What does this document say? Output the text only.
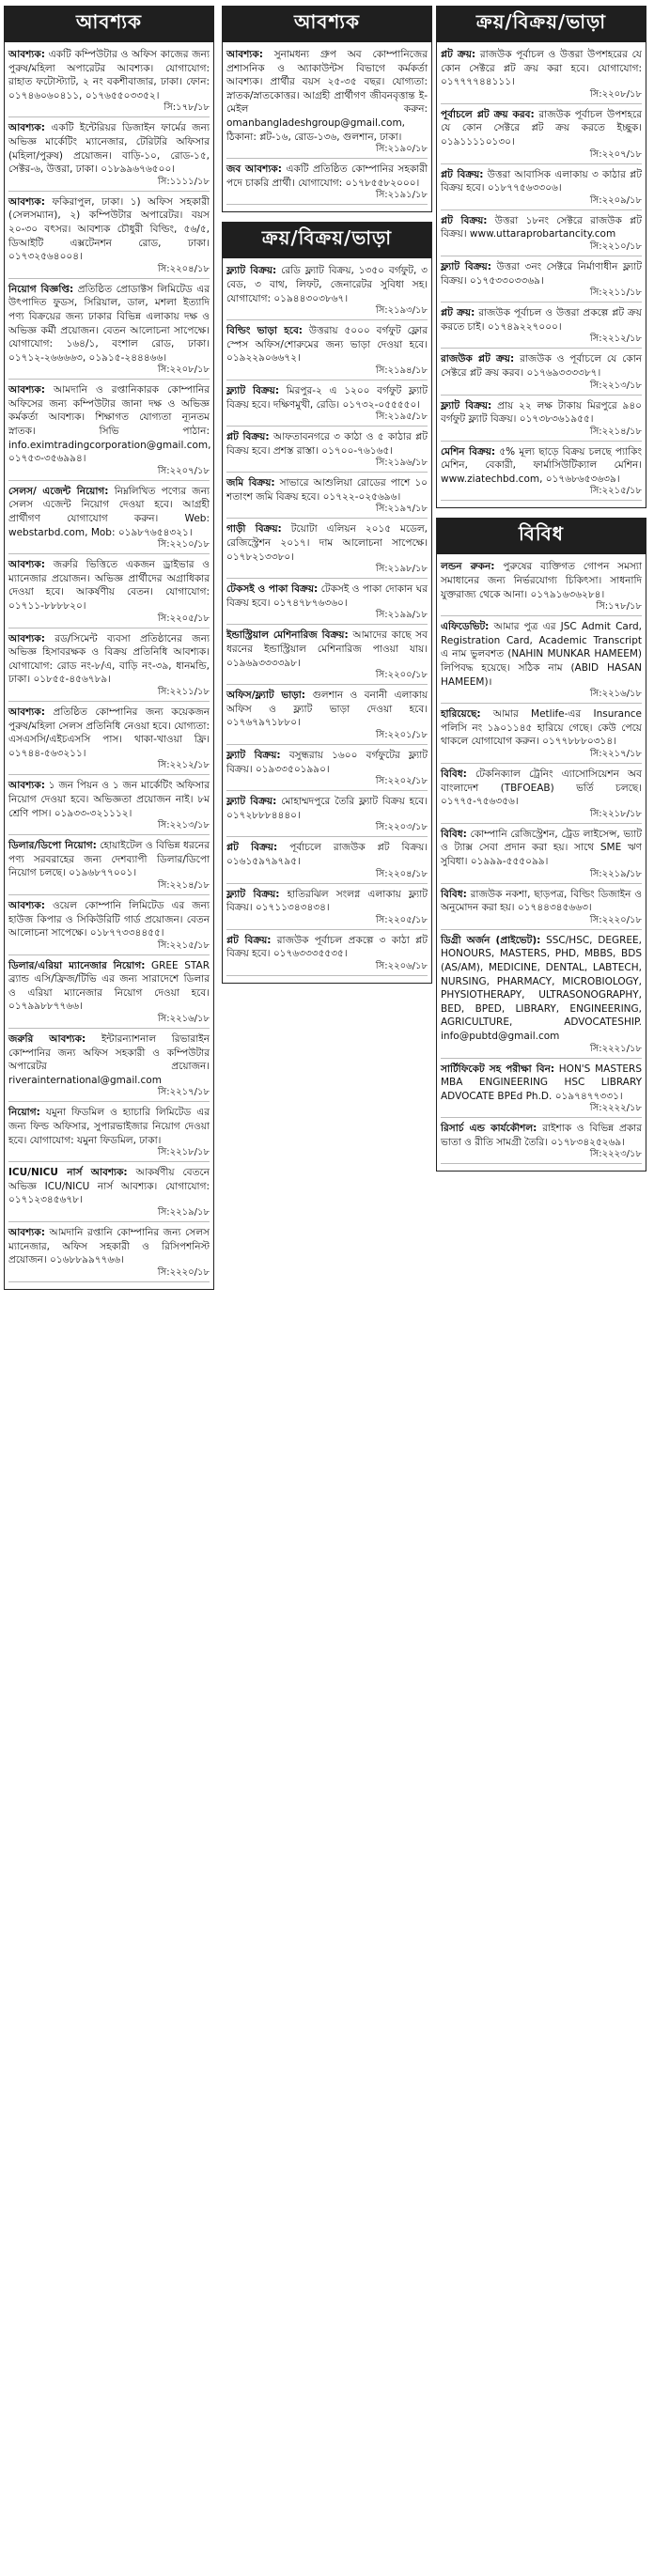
আবশ্যক
আবশ্যক: একটি কম্পিউটার ও অফিস কাজের জন্য পুরুষ/মহিলা অপারেটর আবশ্যক। যোগাযোগ: রাহাত ফটোস্ট্যাট, ২ নং বকশীবাজার, ঢাকা। ফোন: ০১৭৪৬০৬০৪১১, ০১৭৬৫৫০৩৩৫২।
সি:১৭৮/১৮
আবশ্যক: একটি ইন্টেরিয়র ডিজাইন ফার্মের জন্য অভিজ্ঞ মার্কেটিং ম্যানেজার, টেরিটরি অফিসার (মহিলা/পুরুষ) প্রয়োজন। বাড়ি-১০, রোড-১৫, সেক্টর-৬, উত্তরা, ঢাকা। ০১৮৯৯৬৭৬৫০০।
সি:১১১১/১৮
আবশ্যক: ফকিরাপুল, ঢাকা। ১) অফিস সহকারী (সেলসম্যান), ২) কম্পিউটার অপারেটর। বয়স ২০-৩০ বৎসর। আবশ্যক চৌধুরী বিল্ডিং, ৫৬/৫, ডিআইটি এক্সটেনশন রোড, ঢাকা। ০১৭৩২৫৬৪০০৪।
সি:২২০৪/১৮
নিয়োগ বিজ্ঞপ্তি: প্রতিষ্ঠিত প্রোডাক্টস লিমিটেড এর উৎপাদিত ফুডস, সিরিয়াল, ডাল, মশলা ইত্যাদি পণ্য বিক্রয়ের জন্য ঢাকার বিভিন্ন এলাকায় দক্ষ ও অভিজ্ঞ কর্মী প্রয়োজন। বেতন আলোচনা সাপেক্ষে। যোগাযোগ: ১৬৪/১, বংশাল রোড, ঢাকা। ০১৭১২-২৬৬৬৬৩, ০১৯১৫-২৪৪৪৬৬।
সি:২২০৮/১৮
আবশ্যক: আমদানি ও রপ্তানিকারক কোম্পানির অফিসের জন্য কম্পিউটার জানা দক্ষ ও অভিজ্ঞ কর্মকর্তা আবশ্যক। শিক্ষাগত যোগ্যতা ন্যূনতম স্নাতক। সিভি পাঠান: info.eximtradingcorporation@gmail.com, ০১৭৫৩-৩৫৬৯৯৪।
সি:২২০৭/১৮
সেলস/ এজেন্ট নিয়োগ: নিম্নলিখিত পণ্যের জন্য সেলস এজেন্ট নিয়োগ দেওয়া হবে। আগ্রহী প্রার্থীগণ যোগাযোগ করুন। Web: webstarbd.com, Mob: ০১৯৮৭৬৫৪৩২১।
সি:২২১০/১৮
আবশ্যক: জরুরি ভিত্তিতে একজন ড্রাইভার ও ম্যানেজার প্রয়োজন। অভিজ্ঞ প্রার্থীদের অগ্রাধিকার দেওয়া হবে। আকর্ষণীয় বেতন। যোগাযোগ: ০১৭১১-৮৮৮৮২০।
সি:২২০৫/১৮
আবশ্যক: রড/সিমেন্ট ব্যবসা প্রতিষ্ঠানের জন্য অভিজ্ঞ হিসাবরক্ষক ও বিক্রয় প্রতিনিধি আবশ্যক। যোগাযোগ: রোড নং-৮/এ, বাড়ি নং-৩৯, ধানমন্ডি, ঢাকা। ০১৮৫৫-৪৫৬৭৮৯।
সি:২২১১/১৮
আবশ্যক: প্রতিষ্ঠিত কোম্পানির জন্য কয়েকজন পুরুষ/মহিলা সেলস প্রতিনিধি নেওয়া হবে। যোগ্যতা: এসএসসি/এইচএসসি পাস। থাকা-খাওয়া ফ্রি। ০১৭৪৪-৫৬৩২১১।
সি:২২১২/১৮
আবশ্যক: ১ জন পিয়ন ও ১ জন মার্কেটিং অফিসার নিয়োগ দেওয়া হবে। অভিজ্ঞতা প্রয়োজন নাই। ৮ম শ্রেণি পাস। ০১৯৩৩-৩২১১১২।
সি:২২১৩/১৮
ডিলার/ডিপো নিয়োগ: হোয়াইটেল ও বিভিন্ন ধরনের পণ্য সরবরাহের জন্য দেশব্যাপী ডিলার/ডিপো নিয়োগ চলছে। ০১৯৬৮৭৭০০১।
সি:২২১৪/১৮
আবশ্যক: ওয়েল কোম্পানি লিমিটেড এর জন্য হাউজ কিপার ও সিকিউরিটি গার্ড প্রয়োজন। বেতন আলোচনা সাপেক্ষে। ০১৮৭৭৩৩৪৪৫৫।
সি:২২১৫/১৮
ডিলার/এরিয়া ম্যানেজার নিয়োগ: GREE STAR ব্র্যান্ড এসি/ফ্রিজ/টিভি এর জন্য সারাদেশে ডিলার ও এরিয়া ম্যানেজার নিয়োগ দেওয়া হবে। ০১৭৯৯৮৮৭৭৬৬।
সি:২২১৬/১৮
জরুরি আবশ্যক: ইন্টারন্যাশনাল রিভারাইন কোম্পানির জন্য অফিস সহকারী ও কম্পিউটার অপারেটর প্রয়োজন। riverainternational@gmail.com
সি:২২১৭/১৮
নিয়োগ: যমুনা ফিডমিল ও হ্যাচারি লিমিটেড এর জন্য ফিল্ড অফিসার, সুপারভাইজার নিয়োগ দেওয়া হবে। যোগাযোগ: যমুনা ফিডমিল, ঢাকা।
সি:২২১৮/১৮
ICU/NICU নার্স আবশ্যক: আকর্ষণীয় বেতনে অভিজ্ঞ ICU/NICU নার্স আবশ্যক। যোগাযোগ: ০১৭১২৩৪৫৬৭৮।
সি:২২১৯/১৮
আবশ্যক: আমদানি রপ্তানি কোম্পানির জন্য সেলস ম্যানেজার, অফিস সহকারী ও রিসিপশনিস্ট প্রয়োজন। ০১৬৮৮৯৯৭৭৬৬।
সি:২২২০/১৮
আবশ্যক
আবশ্যক: সুনামধন্য গ্রুপ অব কোম্পানিজের প্রশাসনিক ও অ্যাকাউন্টস বিভাগে কর্মকর্তা আবশ্যক। প্রার্থীর বয়স ২৫-৩৫ বছর। যোগ্যতা: স্নাতক/স্নাতকোত্তর। আগ্রহী প্রার্থীগণ জীবনবৃত্তান্ত ই-মেইল করুন: omanbangladeshgroup@gmail.com, ঠিকানা: প্লট-১৬, রোড-১৩৬, গুলশান, ঢাকা।
সি:২১৯০/১৮
জব আবশ্যক: একটি প্রতিষ্ঠিত কোম্পানির সহকারী পদে চাকরি প্রার্থী। যোগাযোগ: ০১৭৮৫৫৮২০০০।
সি:২১৯১/১৮
ক্রয়/বিক্রয়/ভাড়া
ফ্ল্যাট বিক্রয়: রেডি ফ্ল্যাট বিক্রয়, ১৩৫০ বর্গফুট, ৩ বেড, ৩ বাথ, লিফট, জেনারেটর সুবিধা সহ। যোগাযোগ: ০১৯৪৪৩০৩৮৬৭।
সি:২১৯৩/১৮
বিল্ডিং ভাড়া হবে: উত্তরায় ৫০০০ বর্গফুট ফ্লোর স্পেস অফিস/শোরুমের জন্য ভাড়া দেওয়া হবে। ০১৯২২৯০৬৬৭২।
সি:২১৯৪/১৮
ফ্ল্যাট বিক্রয়: মিরপুর-২ এ ১২০০ বর্গফুট ফ্ল্যাট বিক্রয় হবে। দক্ষিণমুখী, রেডি। ০১৭৩২-০৫৫৫৫০।
সি:২১৯৫/১৮
প্লট বিক্রয়: আফতাবনগরে ৩ কাঠা ও ৫ কাঠার প্লট বিক্রয় হবে। প্রশস্ত রাস্তা। ০১৭০০-৭৬১৬৫।
সি:২১৯৬/১৮
জমি বিক্রয়: সাভারে আশুলিয়া রোডের পাশে ১০ শতাংশ জমি বিক্রয় হবে। ০১৭২২-০২৫৬৯৬।
সি:২১৯৭/১৮
গাড়ী বিক্রয়: টয়োটা এলিয়ন ২০১৫ মডেল, রেজিস্ট্রেশন ২০১৭। দাম আলোচনা সাপেক্ষে। ০১৭৮২১৩৩৮০।
সি:২১৯৮/১৮
টেকসই ও পাকা বিক্রয়: টেকসই ও পাকা দোকান ঘর বিক্রয় হবে। ০১৭৪৭৮৭৬৩৬০।
সি:২১৯৯/১৮
ইন্ডাস্ট্রিয়াল মেশিনারিজ বিক্রয়: আমাদের কাছে সব ধরনের ইন্ডাস্ট্রিয়াল মেশিনারিজ পাওয়া যায়। ০১৯৬৯৩৩৩৩৯৮।
সি:২২০০/১৮
অফিস/ফ্ল্যাট ভাড়া: গুলশান ও বনানী এলাকায় অফিস ও ফ্ল্যাট ভাড়া দেওয়া হবে। ০১৭৬৭৯৭১৮৮০।
সি:২২০১/১৮
ফ্ল্যাট বিক্রয়: বসুন্ধরায় ১৬০০ বর্গফুটের ফ্ল্যাট বিক্রয়। ০১৯৩৩৫০১৯৯০।
সি:২২০২/১৮
ফ্ল্যাট বিক্রয়: মোহাম্মদপুরে তৈরি ফ্ল্যাট বিক্রয় হবে। ০১৭২৮৮৮৪৪৪০।
সি:২২০৩/১৮
প্লট বিক্রয়: পূর্বাচলে রাজউক প্লট বিক্রয়। ০১৬১৫৯৭৯৭৯৫।
সি:২২০৪/১৮
ফ্ল্যাট বিক্রয়: হাতিরঝিল সংলগ্ন এলাকায় ফ্ল্যাট বিক্রয়। ০১৭১১৩৪৩৪৩৪।
সি:২২০৫/১৮
প্লট বিক্রয়: রাজউক পূর্বাচল প্রকল্পে ৩ কাঠা প্লট বিক্রয় হবে। ০১৭৬৩৩৩৫৫৩৫।
সি:২২০৬/১৮
ক্রয়/বিক্রয়/ভাড়া
প্লট ক্রয়: রাজউক পূর্বাচল ও উত্তরা উপশহরের যে কোন সেক্টরে প্লট ক্রয় করা হবে। যোগাযোগ: ০১৭৭৭৭৪৪১১১।
সি:২২০৮/১৮
পূর্বাচলে প্লট ক্রয় করব: রাজউক পূর্বাচল উপশহরে যে কোন সেক্টরে প্লট ক্রয় করতে ইচ্ছুক। ০১৯১১১১০১৩০।
সি:২২০৭/১৮
প্লট বিক্রয়: উত্তরা আবাসিক এলাকায় ৩ কাঠার প্লট বিক্রয় হবে। ০১৮৭৭৫৬৩৩০৬।
সি:২২০৯/১৮
প্লট বিক্রয়: উত্তরা ১৮নং সেক্টরে রাজউক প্লট বিক্রয়। www.uttaraprobartancity.com
সি:২২১০/১৮
ফ্ল্যাট বিক্রয়: উত্তরা ৩নং সেক্টরে নির্মাণাধীন ফ্ল্যাট বিক্রয়। ০১৭৫৩৩০৩৩৬৯।
সি:২২১১/১৮
প্লট ক্রয়: রাজউক পূর্বাচল ও উত্তরা প্রকল্পে প্লট ক্রয় করতে চাই। ০১৭৪৯২২৭০০০।
সি:২২১২/১৮
রাজউক প্লট ক্রয়: রাজউক ও পূর্বাচলে যে কোন সেক্টরে প্লট ক্রয় করব। ০১৭৬৯৩৩৩৩৮৭।
সি:২২১৩/১৮
ফ্ল্যাট বিক্রয়: প্রায় ২২ লক্ষ টাকায় মিরপুরে ৯৪০ বর্গফুট ফ্ল্যাট বিক্রয়। ০১৭৩৮৩৬১৯৫৫।
সি:২২১৪/১৮
মেশিন বিক্রয়: ৫% মূল্য ছাড়ে বিক্রয় চলছে প্যাকিং মেশিন, বেকারী, ফার্মাসিউটিক্যাল মেশিন। www.ziatechbd.com, ০১৭৬৮৬৫৩৬৩৯।
সি:২২১৫/১৮
বিবিধ
লন্ডন রুকন: পুরুষের ব্যক্তিগত গোপন সমস্যা সমাধানের জন্য নির্ভরযোগ্য চিকিৎসা। সাধনাদি যুক্তরাজ্য থেকে আনা। ০১৭৯১৬৩৬২৮৪।
সি:১৭৮/১৮
এফিডেভিট: আমার পুত্র এর JSC Admit Card, Registration Card, Academic Transcript এ নাম ভুলবশত (NAHIN MUNKAR HAMEEM) লিপিবদ্ধ হয়েছে। সঠিক নাম (ABID HASAN HAMEEM)।
সি:২২১৬/১৮
হারিয়েছে: আমার Metlife-এর Insurance পলিসি নং ১৯০১১৪৫ হারিয়ে গেছে। কেউ পেয়ে থাকলে যোগাযোগ করুন। ০১৭৭৮৮৮০৩১৪।
সি:২২১৭/১৮
বিবিধ: টেকনিক্যাল ট্রেনিং এ্যাসোসিয়েশন অব বাংলাদেশ (TBFOEAB) ভর্তি চলছে। ০১৭৭৫-৭৫৬৩৫৬।
সি:২২১৮/১৮
বিবিধ: কোম্পানি রেজিস্ট্রেশন, ট্রেড লাইসেন্স, ভ্যাট ও ট্যাক্স সেবা প্রদান করা হয়। সাথে SME ঋণ সুবিধা। ০১৯৯৯-৫৫৫০৯৯।
সি:২২১৯/১৮
বিবিধ: রাজউক নকশা, ছাড়পত্র, বিল্ডিং ডিজাইন ও অনুমোদন করা হয়। ০১৭৪৪৩৪৫৬৬৩।
সি:২২২০/১৮
ডিগ্রী অর্জন (প্রাইভেট): SSC/HSC, DEGREE, HONOURS, MASTERS, PHD, MBBS, BDS (AS/AM), MEDICINE, DENTAL, LABTECH, NURSING, PHARMACY, MICROBIOLOGY, PHYSIOTHERAPY, ULTRASONOGRAPHY, BED, BPED, LIBRARY, ENGINEERING, AGRICULTURE, ADVOCATESHIP. info@pubtd@gmail.com
সি:২২২১/১৮
সার্টিফিকেট সহ পরীক্ষা বিন: HON'S MASTERS MBA ENGINEERING HSC LIBRARY ADVOCATE BPEd Ph.D. ০১৯৭৪৭৭৩৩১।
সি:২২২২/১৮
রিসার্চ এন্ড কার্যকৌশল: রাইশাক ও বিভিন্ন প্রকার ভাতা ও রীতি সামগ্রী তৈরি। ০১৭৮৩৪২৫২৬৯।
সি:২২২৩/১৮
